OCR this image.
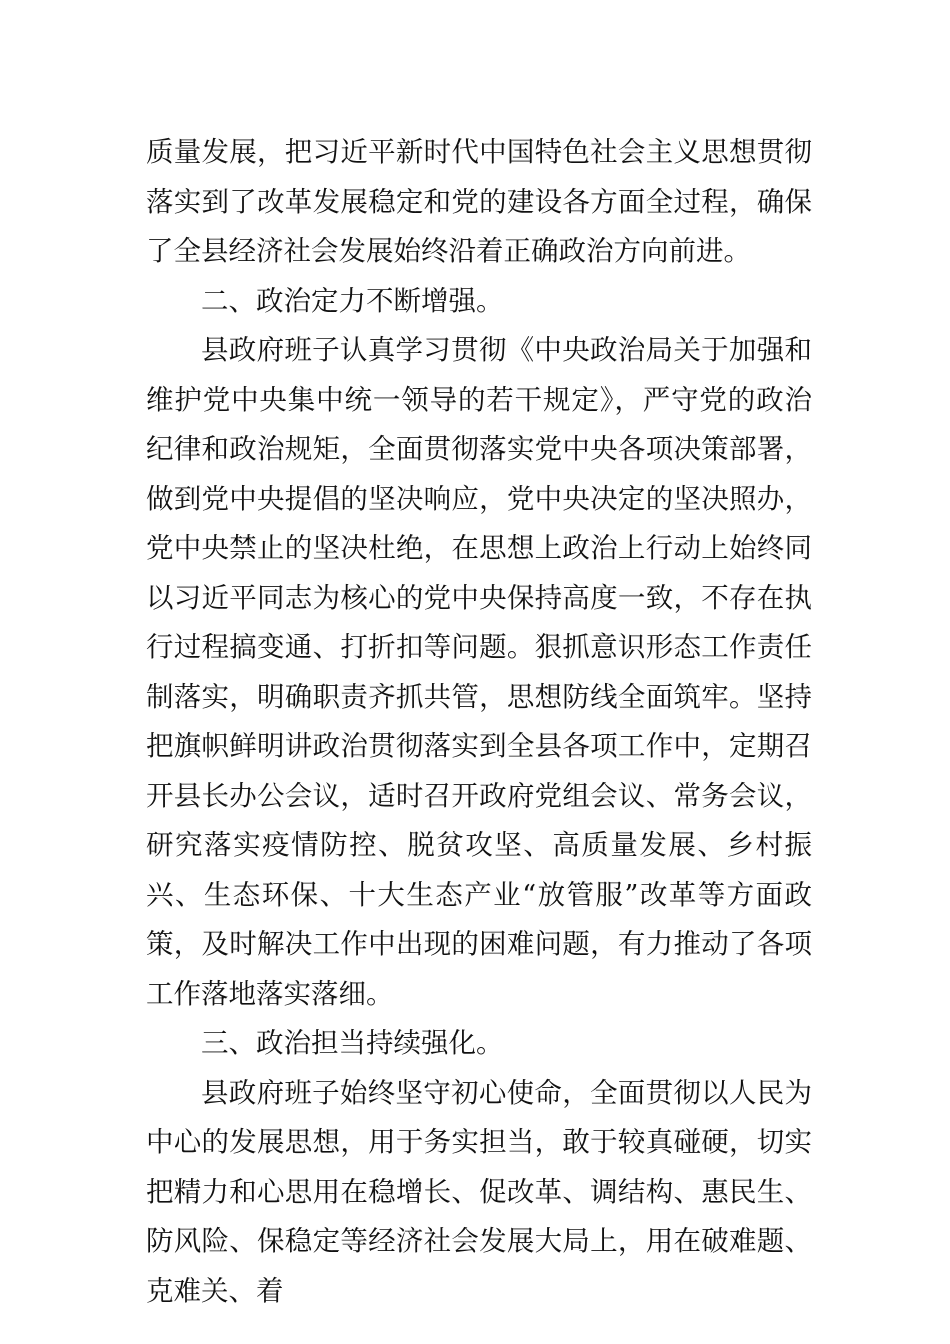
质量发展，把习近平新时代中国特色社会主义思想贯彻落实到了改革发展稳定和党的建设各方面全过程，确保了全县经济社会发展始终沿着正确政治方向前进。

二、政治定力不断增强。

县政府班子认真学习贯彻《中央政治局关于加强和维护党中央集中统一领导的若干规定》，严守党的政治纪律和政治规矩，全面贯彻落实党中央各项决策部署，做到党中央提倡的坚决响应，党中央决定的坚决照办，党中央禁止的坚决杜绝，在思想上政治上行动上始终同以习近平同志为核心的党中央保持高度一致，不存在执行过程搞变通、打折扣等问题。狠抓意识形态工作责任制落实，明确职责齐抓共管，思想防线全面筑牢。坚持把旗帜鲜明讲政治贯彻落实到全县各项工作中，定期召开县长办公会议，适时召开政府党组会议、常务会议，研究落实疫情防控、脱贫攻坚、高质量发展、乡村振兴、生态环保、十大生态产业“放管服”改革等方面政策，及时解决工作中出现的困难问题，有力推动了各项工作落地落实落细。

三、政治担当持续强化。

县政府班子始终坚守初心使命，全面贯彻以人民为中心的发展思想，用于务实担当，敢于较真碰硬，切实把精力和心思用在稳增长、促改革、调结构、惠民生、防风险、保稳定等经济社会发展大局上，用在破难题、克难关、着
